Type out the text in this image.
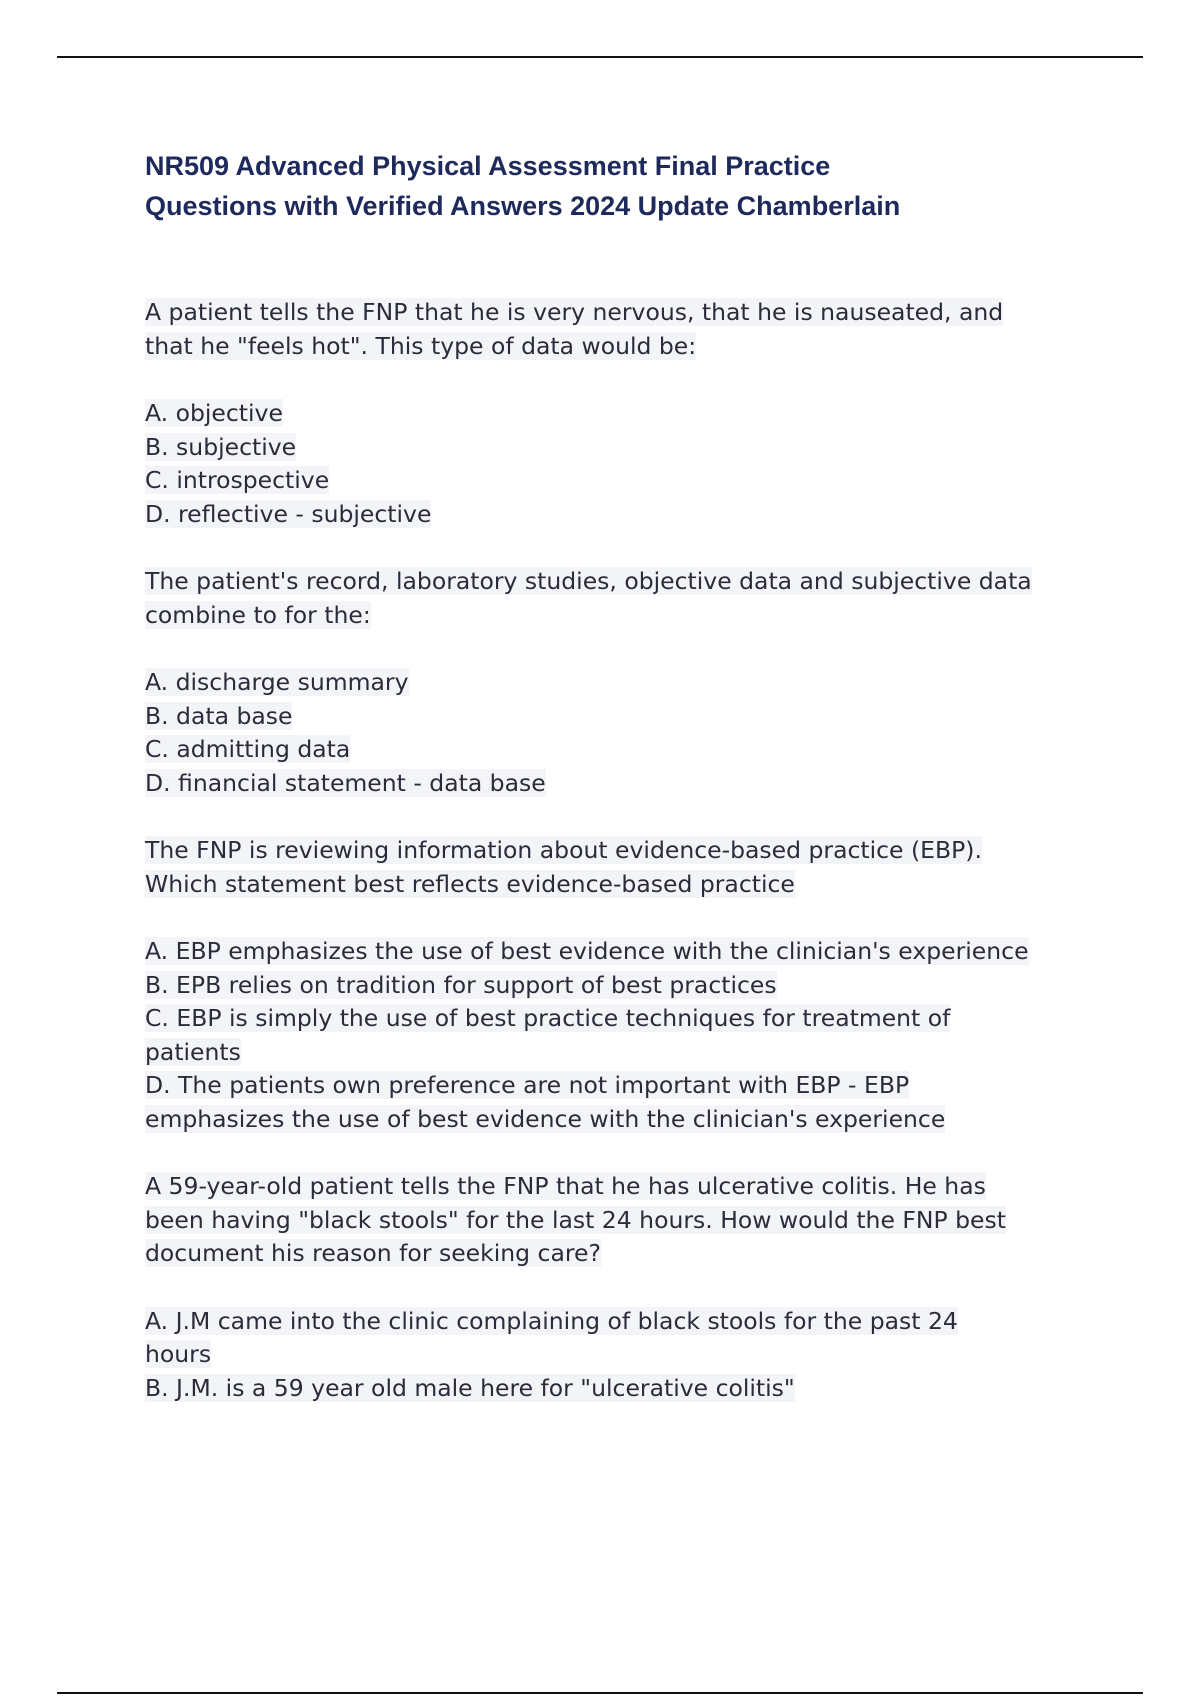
NR509 Advanced Physical Assessment Final Practice
Questions with Verified Answers 2024 Update Chamberlain
A patient tells the FNP that he is very nervous, that he is nauseated, and
that he "feels hot". This type of data would be:
A. objective
B. subjective
C. introspective
D. reflective - subjective
The patient's record, laboratory studies, objective data and subjective data
combine to for the:
A. discharge summary
B. data base
C. admitting data
D. financial statement - data base
The FNP is reviewing information about evidence-based practice (EBP).
Which statement best reflects evidence-based practice
A. EBP emphasizes the use of best evidence with the clinician's experience
B. EPB relies on tradition for support of best practices
C. EBP is simply the use of best practice techniques for treatment of
patients
D. The patients own preference are not important with EBP - EBP
emphasizes the use of best evidence with the clinician's experience
A 59-year-old patient tells the FNP that he has ulcerative colitis. He has
been having "black stools" for the last 24 hours. How would the FNP best
document his reason for seeking care?
A. J.M came into the clinic complaining of black stools for the past 24
hours
B. J.M. is a 59 year old male here for "ulcerative colitis"
